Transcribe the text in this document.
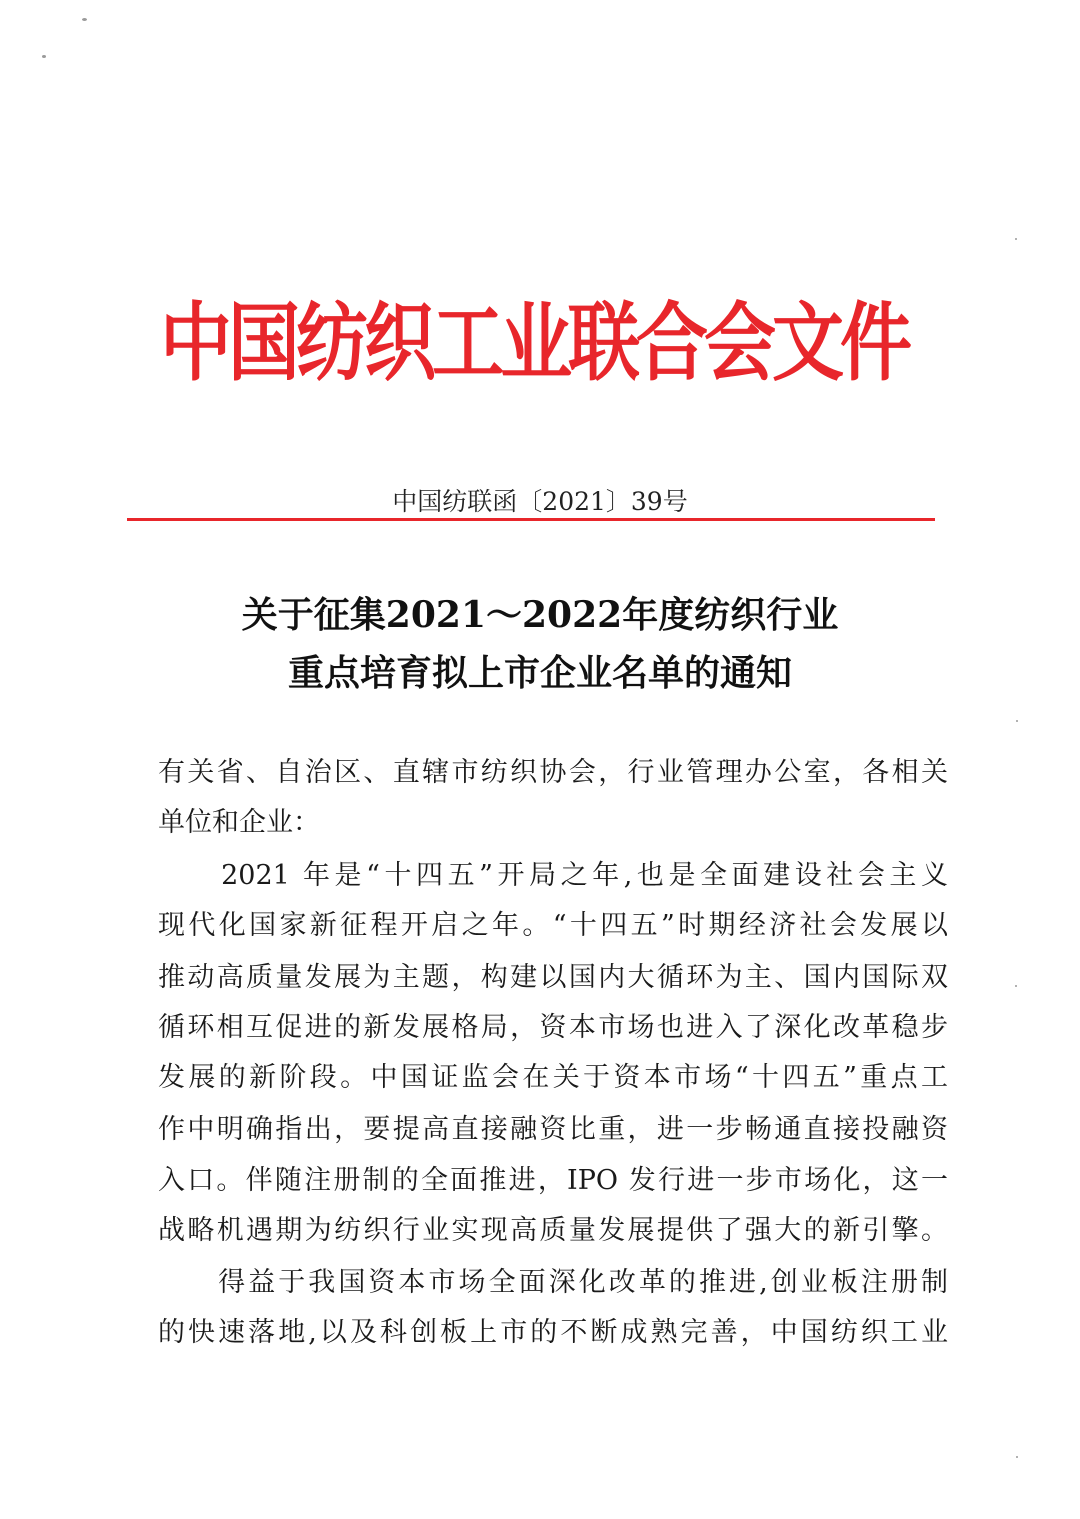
中国纺织工业联合会文件
中国纺联函〔2021〕39号
关于征集2021～2022年度纺织行业
重点培育拟上市企业名单的通知
有关省、自治区、直辖市纺织协会，行业管理办公室，各相关
单位和企业：
　　2021 年是“十四五”开局之年,也是全面建设社会主义
现代化国家新征程开启之年。“十四五”时期经济社会发展以
推动高质量发展为主题，构建以国内大循环为主、国内国际双
循环相互促进的新发展格局，资本市场也进入了深化改革稳步
发展的新阶段。中国证监会在关于资本市场“十四五”重点工
作中明确指出，要提高直接融资比重，进一步畅通直接投融资
入口。伴随注册制的全面推进，IPO 发行进一步市场化，这一
战略机遇期为纺织行业实现高质量发展提供了强大的新引擎。
　　得益于我国资本市场全面深化改革的推进,创业板注册制
的快速落地,以及科创板上市的不断成熟完善，中国纺织工业
